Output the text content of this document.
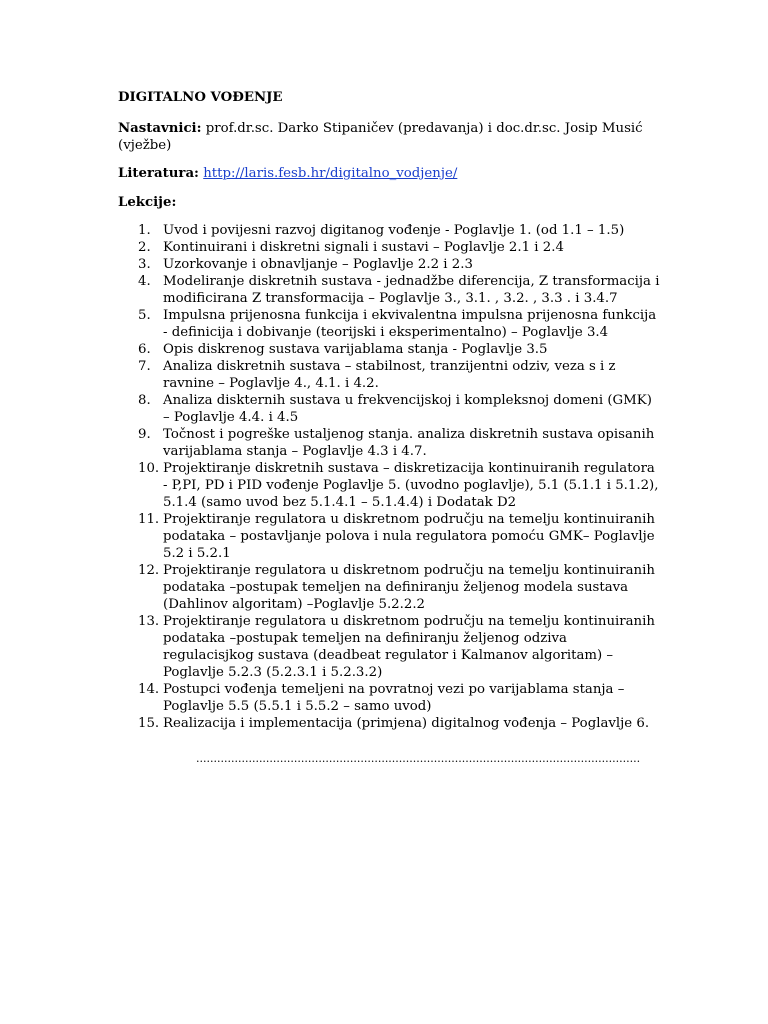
DIGITALNO VOĐENJE
Nastavnici: prof.dr.sc. Darko Stipaničev (predavanja) i doc.dr.sc. Josip Musić (vježbe)
Literatura: http://laris.fesb.hr/digitalno_vodjenje/
Lekcije:
1. Uvod i povijesni razvoj digitanog vođenje - Poglavlje 1. (od 1.1 – 1.5)
2. Kontinuirani i diskretni signali i sustavi – Poglavlje 2.1 i 2.4
3. Uzorkovanje i obnavljanje – Poglavlje 2.2 i 2.3
4. Modeliranje diskretnih sustava - jednadžbe diferencija, Z transformacija i modificirana Z transformacija – Poglavlje 3., 3.1. , 3.2. , 3.3 . i 3.4.7
5. Impulsna prijenosna funkcija i ekvivalentna impulsna prijenosna funkcija - definicija i dobivanje (teorijski i eksperimentalno) – Poglavlje 3.4
6. Opis diskrenog sustava varijablama stanja - Poglavlje 3.5
7. Analiza diskretnih sustava – stabilnost, tranzijentni odziv, veza s i z ravnine – Poglavlje 4., 4.1. i 4.2.
8. Analiza diskternih sustava u frekvencijskoj i kompleksnoj domeni (GMK) – Poglavlje 4.4. i 4.5
9. Točnost i pogreške ustaljenog stanja. analiza diskretnih sustava opisanih varijablama stanja – Poglavlje 4.3 i 4.7.
10. Projektiranje diskretnih sustava – diskretizacija kontinuiranih regulatora - P,PI, PD i PID vođenje Poglavlje 5. (uvodno poglavlje), 5.1 (5.1.1 i 5.1.2), 5.1.4 (samo uvod bez 5.1.4.1 – 5.1.4.4) i Dodatak D2
11. Projektiranje regulatora u diskretnom području na temelju kontinuiranih podataka – postavljanje polova i nula regulatora pomoću GMK– Poglavlje 5.2 i 5.2.1
12. Projektiranje regulatora u diskretnom području na temelju kontinuiranih podataka –postupak temeljen na definiranju željenog modela sustava (Dahlinov algoritam) –Poglavlje 5.2.2.2
13. Projektiranje regulatora u diskretnom području na temelju kontinuiranih podataka –postupak temeljen na definiranju željenog odziva regulacisjkog sustava (deadbeat regulator i Kalmanov algoritam) –Poglavlje 5.2.3 (5.2.3.1 i 5.2.3.2)
14. Postupci vođenja temeljeni na povratnoj vezi po varijablama stanja – Poglavlje 5.5 (5.5.1 i 5.5.2 – samo uvod)
15. Realizacija i implementacija (primjena) digitalnog vođenja – Poglavlje 6.
...............................................................................................................................
